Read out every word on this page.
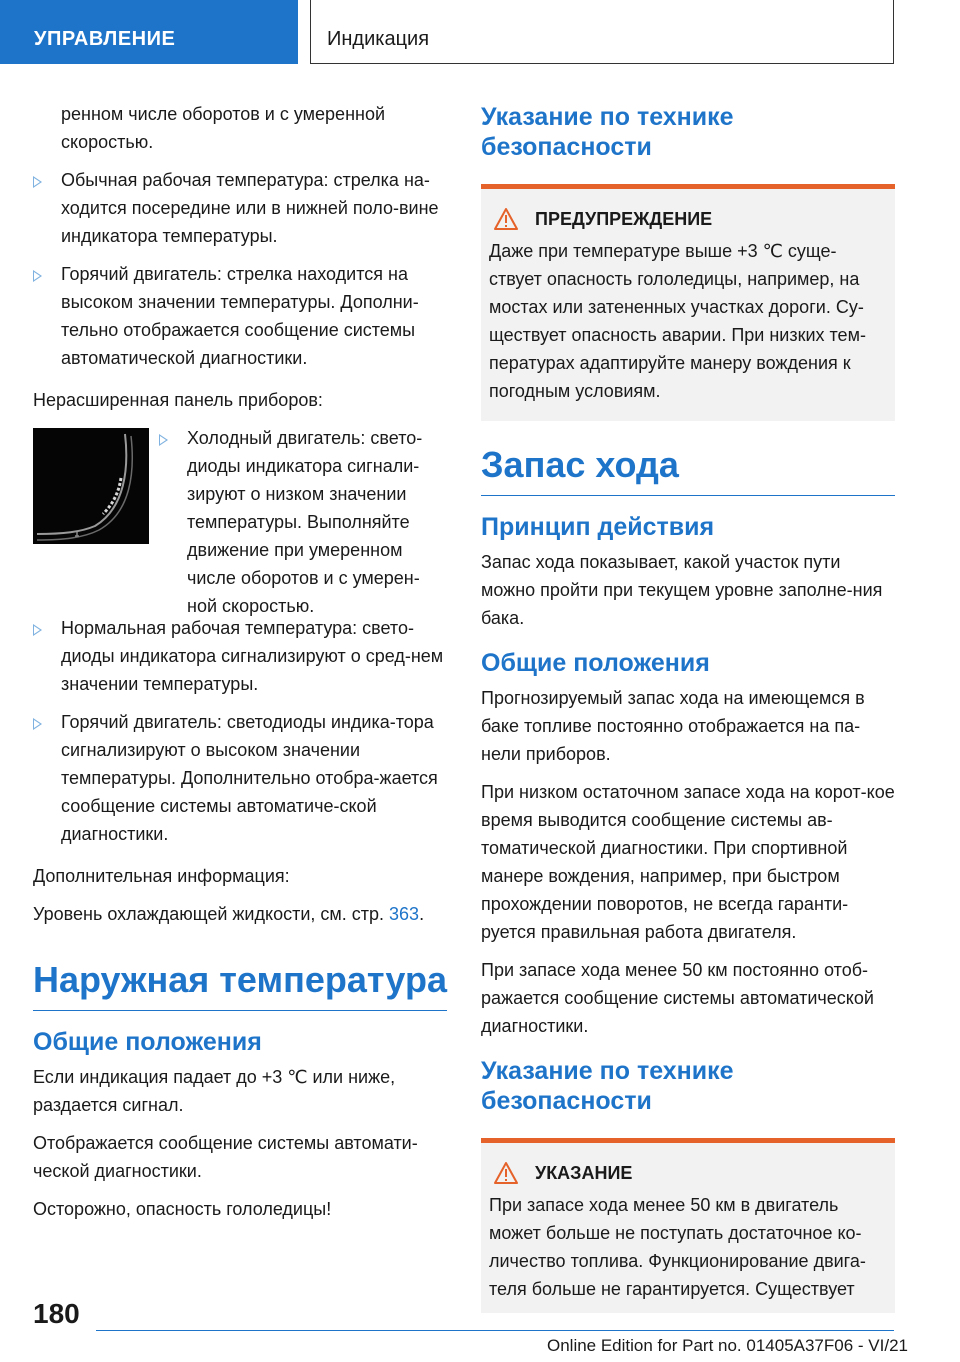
УПРАВЛЕНИЕ	Индикация

ренном числе оборотов и с умеренной скоростью.

Обычная рабочая температура: стрелка на-ходится посередине или в нижней поло-вине индикатора температуры.
Горячий двигатель: стрелка находится на высоком значении температуры. Дополни-тельно отображается сообщение системы автоматической диагностики.

Нерасширенная панель приборов:

Холодный двигатель: свето-диоды индикатора сигнали-зируют о низком значении температуры. Выполняйте движение при умеренном числе оборотов и с умерен-ной скоростью.
Нормальная рабочая температура: свето-диоды индикатора сигнализируют о сред-нем значении температуры.
Горячий двигатель: светодиоды индика-тора сигнализируют о высоком значении температуры. Дополнительно отобра-жается сообщение системы автоматиче-ской диагностики.

Дополнительная информация:

Уровень охлаждающей жидкости, см. стр. 363.

Наружная температура
Общие положения

Если индикация падает до +3 ℃ или ниже, раздается сигнал.

Отображается сообщение системы автомати-ческой диагностики.

Осторожно, опасность гололедицы!

Указание по технике безопасности
ПРЕДУПРЕЖДЕНИЕ

Даже при температуре выше +3 ℃ суще-ствует опасность гололедицы, например, на мостах или затененных участках дороги. Су-ществует опасность аварии. При низких тем-пературах адаптируйте манеру вождения к погодным условиям.

Запас хода
Принцип действия

Запас хода показывает, какой участок пути можно пройти при текущем уровне заполне-ния бака.

Общие положения

Прогнозируемый запас хода на имеющемся в баке топливе постоянно отображается на па-нели приборов.

При низком остаточном запасе хода на корот-кое время выводится сообщение системы ав-томатической диагностики. При спортивной манере вождения, например, при быстром прохождении поворотов, не всегда гаранти-руется правильная работа двигателя.

При запасе хода менее 50 км постоянно отоб-ражается сообщение системы автоматической диагностики.

Указание по технике безопасности
УКАЗАНИЕ

При запасе хода менее 50 км в двигатель может больше не поступать достаточное ко-личество топлива. Функционирование двига-теля больше не гарантируется. Существует

180
Online Edition for Part no. 01405A37F06 - VI/21
